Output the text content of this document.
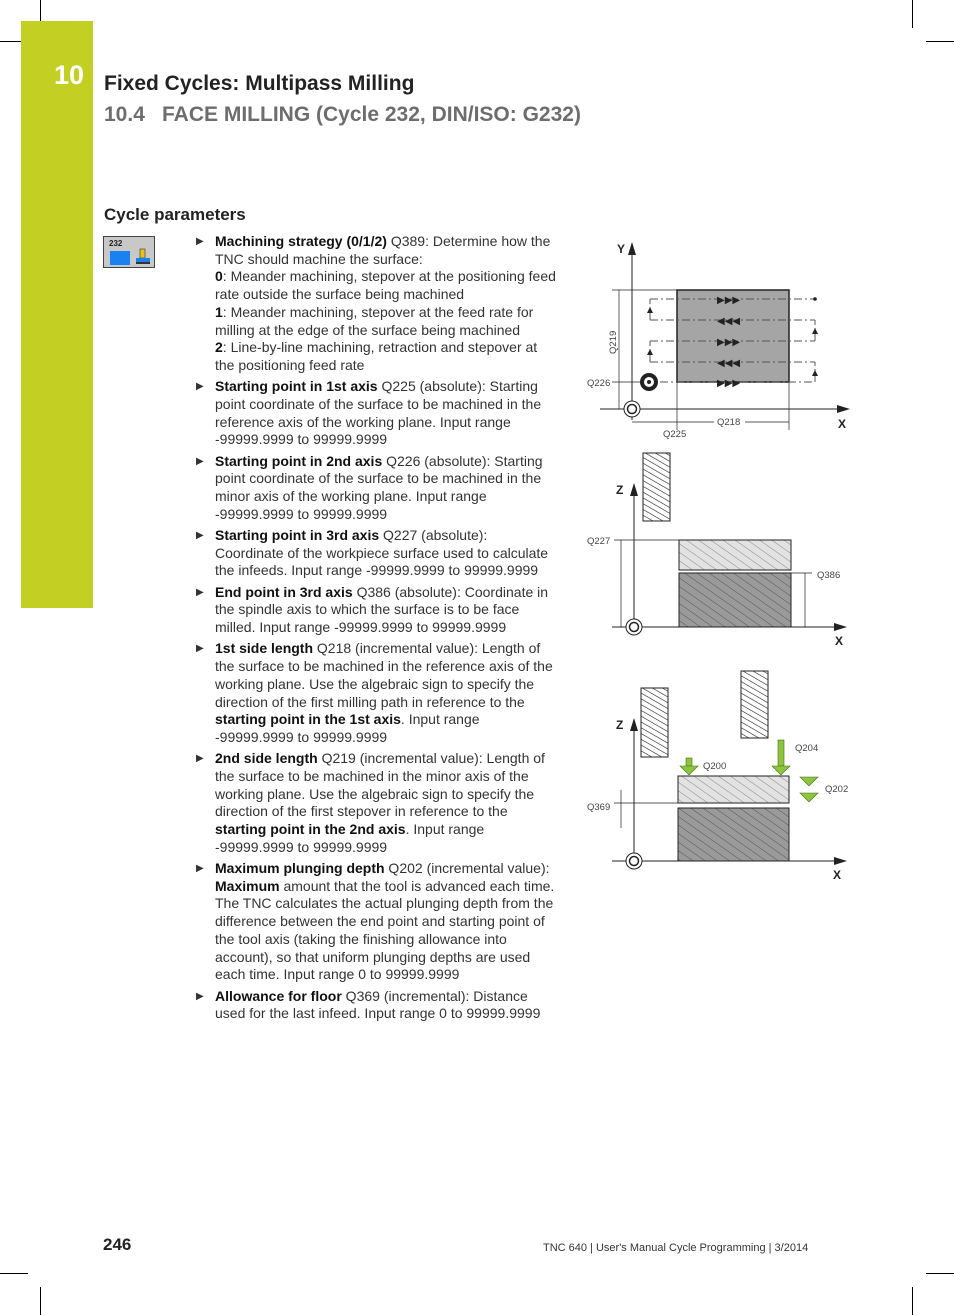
10 Fixed Cycles: Multipass Milling
10.4 FACE MILLING (Cycle 232, DIN/ISO: G232)
Cycle parameters
232	▶ Machining strategy (0/1/2) Q389: Determine how the TNC should machine the surface:
0: Meander machining, stepover at the positioning feed rate outside the surface being machined
1: Meander machining, stepover at the feed rate for milling at the edge of the surface being machined
2: Line-by-line machining, retraction and stepover at the positioning feed rate
▶ Starting point in 1st axis Q225 (absolute): Starting point coordinate of the surface to be machined in the reference axis of the working plane. Input range -99999.9999 to 99999.9999
▶ Starting point in 2nd axis Q226 (absolute): Starting point coordinate of the surface to be machined in the minor axis of the working plane. Input range -99999.9999 to 99999.9999
▶ Starting point in 3rd axis Q227 (absolute): Coordinate of the workpiece surface used to calculate the infeeds. Input range -99999.9999 to 99999.9999
▶ End point in 3rd axis Q386 (absolute): Coordinate in the spindle axis to which the surface is to be face milled. Input range -99999.9999 to 99999.9999
▶ 1st side length Q218 (incremental value): Length of the surface to be machined in the reference axis of the working plane. Use the algebraic sign to specify the direction of the first milling path in reference to the starting point in the 1st axis. Input range -99999.9999 to 99999.9999
▶ 2nd side length Q219 (incremental value): Length of the surface to be machined in the minor axis of the working plane. Use the algebraic sign to specify the direction of the first stepover in reference to the starting point in the 2nd axis. Input range -99999.9999 to 99999.9999
▶ Maximum plunging depth Q202 (incremental value): Maximum amount that the tool is advanced each time. The TNC calculates the actual plunging depth from the difference between the end point and starting point of the tool axis (taking the finishing allowance into account), so that uniform plunging depths are used each time. Input range 0 to 99999.9999
▶ Allowance for floor Q369 (incremental): Distance used for the last infeed. Input range 0 to 99999.9999
▶▶▶
◀◀◀
▶▶▶
◀◀◀
▶▶▶
Y
X
Q219
Q226
Q225
Q218
Z
X
Q227
Q386
Z
X
Q369
Q200
Q204
Q202
246	TNC 640 | User's Manual Cycle Programming | 3/2014
